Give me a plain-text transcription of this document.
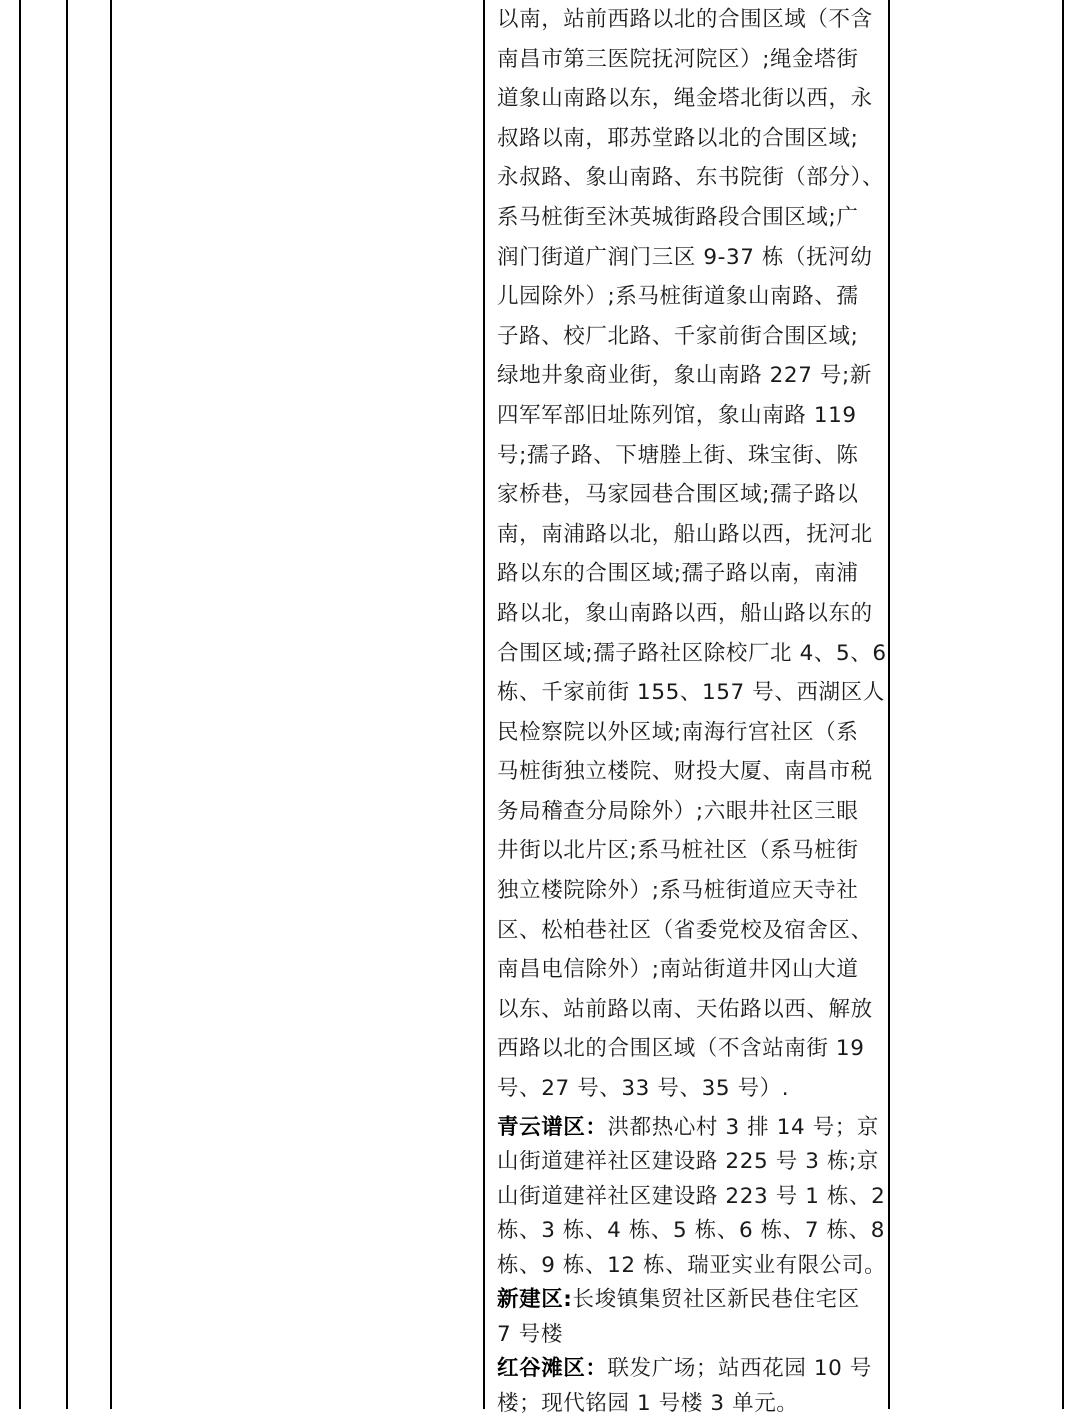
以南，站前西路以北的合围区域（不含
南昌市第三医院抚河院区）;绳金塔街
道象山南路以东，绳金塔北街以西，永
叔路以南，耶苏堂路以北的合围区域;
永叔路、象山南路、东书院街（部分）、
系马桩街至沐英城街路段合围区域;广
润门街道广润门三区 9-37 栋（抚河幼
儿园除外）;系马桩街道象山南路、孺
子路、校厂北路、千家前街合围区域;
绿地井象商业街，象山南路 227 号;新
四军军部旧址陈列馆，象山南路 119
号;孺子路、下塘塍上街、珠宝街、陈
家桥巷，马家园巷合围区域;孺子路以
南，南浦路以北，船山路以西，抚河北
路以东的合围区域;孺子路以南，南浦
路以北，象山南路以西，船山路以东的
合围区域;孺子路社区除校厂北 4、5、6
栋、千家前街 155、157 号、西湖区人
民检察院以外区域;南海行宫社区（系
马桩街独立楼院、财投大厦、南昌市税
务局稽查分局除外）;六眼井社区三眼
井街以北片区;系马桩社区（系马桩街
独立楼院除外）;系马桩街道应天寺社
区、松柏巷社区（省委党校及宿舍区、
南昌电信除外）;南站街道井冈山大道
以东、站前路以南、天佑路以西、解放
西路以北的合围区域（不含站南街 19
号、27 号、33 号、35 号）.
青云谱区：洪都热心村 3 排 14 号；京
山街道建祥社区建设路 225 号 3 栋;京
山街道建祥社区建设路 223 号 1 栋、2
栋、3 栋、4 栋、5 栋、6 栋、7 栋、8
栋、9 栋、12 栋、瑞亚实业有限公司。
新建区:长埈镇集贸社区新民巷住宅区
7 号楼
红谷滩区：联发广场；站西花园 10 号
楼；现代铭园 1 号楼 3 单元。
